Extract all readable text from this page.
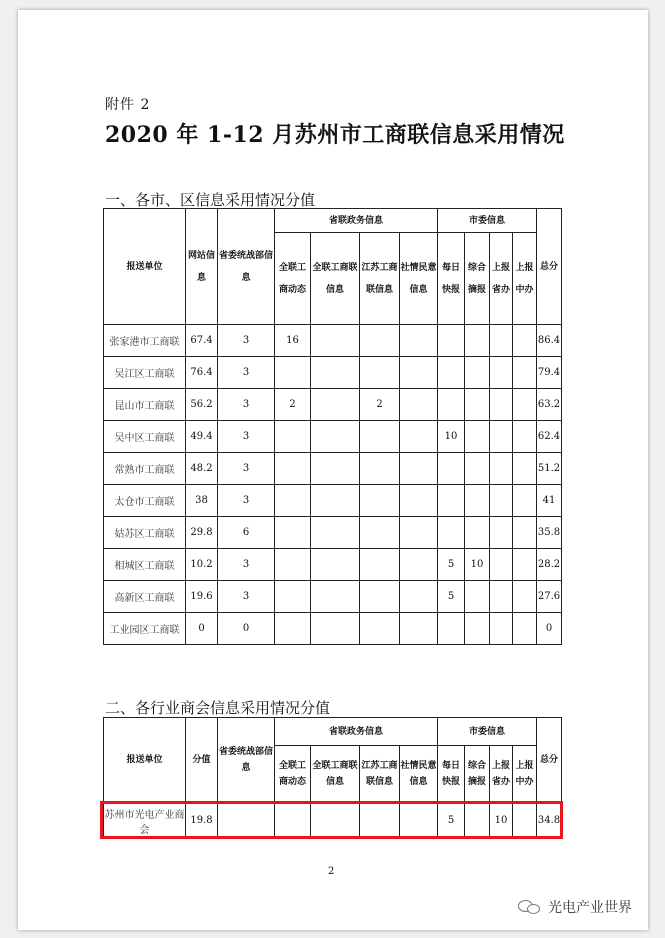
附件 2
2020 年 1-12 月苏州市工商联信息采用情况
一、各市、区信息采用情况分值
报送单位	网站信息	省委统战部信息	省联政务信息				市委信息				总分
			全联工商动态	全联工商联信息	江苏工商联信息	社情民意信息	每日快报	综合摘报	上报省办	上报中办	
张家港市工商联	67.4	3	16								86.4
吴江区工商联	76.4	3									79.4
昆山市工商联	56.2	3	2		2						63.2
吴中区工商联	49.4	3					10				62.4
常熟市工商联	48.2	3									51.2
太仓市工商联	38	3									41
姑苏区工商联	29.8	6									35.8
相城区工商联	10.2	3					5	10			28.2
高新区工商联	19.6	3					5				27.6
工业园区工商联	0	0									0
二、各行业商会信息采用情况分值
报送单位	分值	省委统战部信息	省联政务信息				市委信息				总分
			全联工商动态	全联工商联信息	江苏工商联信息	社情民意信息	每日快报	综合摘报	上报省办	上报中办	
苏州市光电产业商会	19.8						5		10		34.8
2
光电产业世界
